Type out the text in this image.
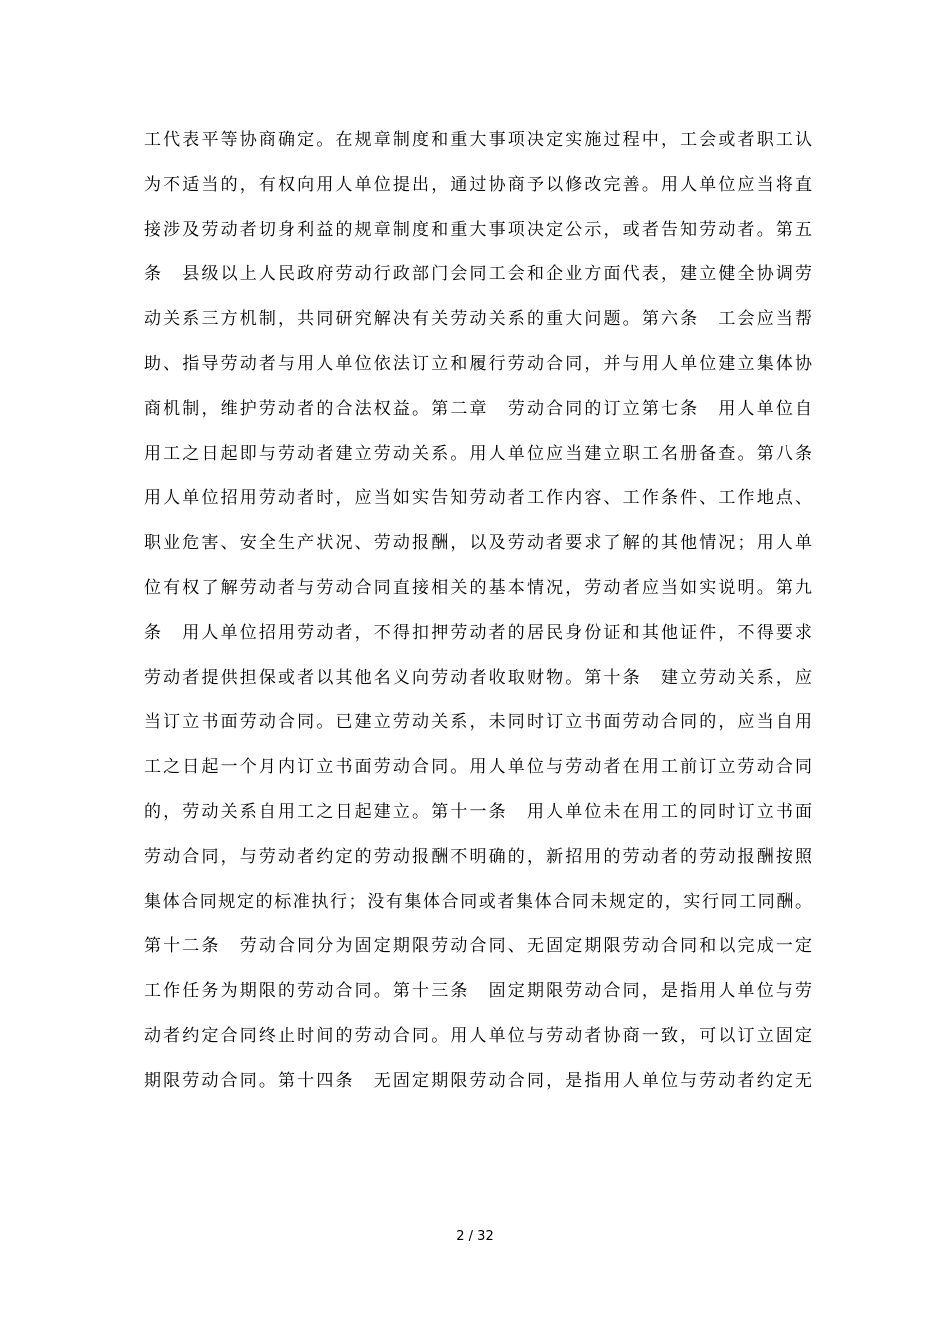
工代表平等协商确定。在规章制度和重大事项决定实施过程中，工会或者职工认
为不适当的，有权向用人单位提出，通过协商予以修改完善。用人单位应当将直
接涉及劳动者切身利益的规章制度和重大事项决定公示，或者告知劳动者。第五
条　县级以上人民政府劳动行政部门会同工会和企业方面代表，建立健全协调劳
动关系三方机制，共同研究解决有关劳动关系的重大问题。第六条　工会应当帮
助、指导劳动者与用人单位依法订立和履行劳动合同，并与用人单位建立集体协
商机制，维护劳动者的合法权益。第二章　劳动合同的订立第七条　用人单位自
用工之日起即与劳动者建立劳动关系。用人单位应当建立职工名册备查。第八条
用人单位招用劳动者时，应当如实告知劳动者工作内容、工作条件、工作地点、
职业危害、安全生产状况、劳动报酬，以及劳动者要求了解的其他情况；用人单
位有权了解劳动者与劳动合同直接相关的基本情况，劳动者应当如实说明。第九
条　用人单位招用劳动者，不得扣押劳动者的居民身份证和其他证件，不得要求
劳动者提供担保或者以其他名义向劳动者收取财物。第十条　建立劳动关系，应
当订立书面劳动合同。已建立劳动关系，未同时订立书面劳动合同的，应当自用
工之日起一个月内订立书面劳动合同。用人单位与劳动者在用工前订立劳动合同
的，劳动关系自用工之日起建立。第十一条　用人单位未在用工的同时订立书面
劳动合同，与劳动者约定的劳动报酬不明确的，新招用的劳动者的劳动报酬按照
集体合同规定的标准执行；没有集体合同或者集体合同未规定的，实行同工同酬。
第十二条　劳动合同分为固定期限劳动合同、无固定期限劳动合同和以完成一定
工作任务为期限的劳动合同。第十三条　固定期限劳动合同，是指用人单位与劳
动者约定合同终止时间的劳动合同。用人单位与劳动者协商一致，可以订立固定
期限劳动合同。第十四条　无固定期限劳动合同，是指用人单位与劳动者约定无
2 / 32
